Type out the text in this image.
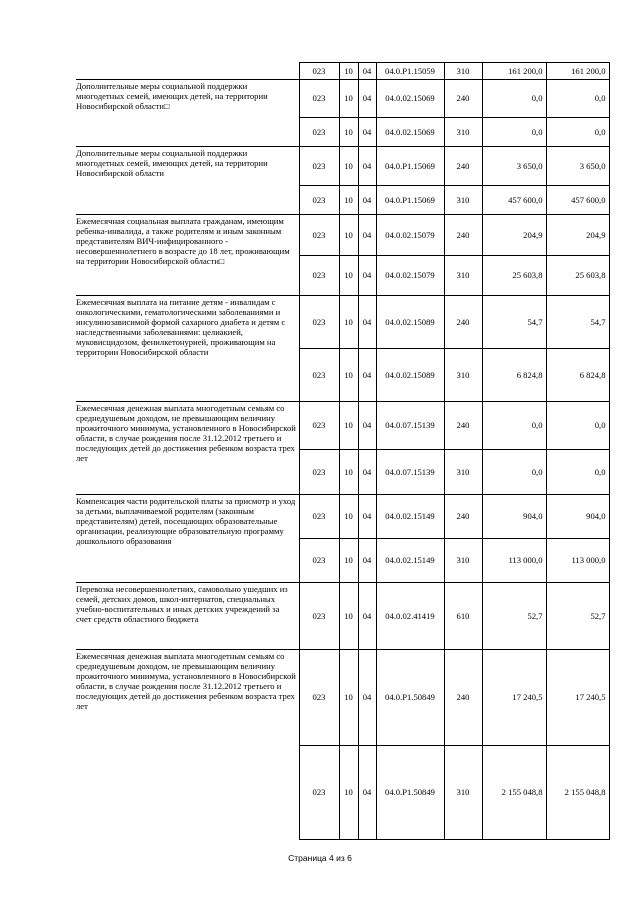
	023	10	04	04.0.P1.15059	310	161 200,0	161 200,0
Дополнительные меры социальной поддержки многодетных семей, имеющих детей, на территории Новосибирской области□	023	10	04	04.0.02.15069	240	0,0	0,0
	023	10	04	04.0.02.15069	310	0,0	0,0
Дополнительные меры социальной поддержки многодетных семей, имеющих детей, на территории Новосибирской области	023	10	04	04.0.P1.15069	240	3 650,0	3 650,0
	023	10	04	04.0.P1.15069	310	457 600,0	457 600,0
Ежемесячная социальная выплата гражданам, имеющим ребенка-инвалида, а также родителям и иным законным представителям ВИЧ-инфицированного - несовершеннолетнего в возрасте до 18 лет, проживающим на территории Новосибирской области□	023	10	04	04.0.02.15079	240	204,9	204,9
	023	10	04	04.0.02.15079	310	25 603,8	25 603,8
Ежемесячная выплата на питание детям - инвалидам с онкологическими, гематологическими заболеваниями и инсулинозависимой формой сахарного диабета и детям с наследственными заболеваниями: целиакией, муковисцидозом, фенилкетонурией, проживающим на территории Новосибирской области	023	10	04	04.0.02.15089	240	54,7	54,7
	023	10	04	04.0.02.15089	310	6 824,8	6 824,8
Ежемесячная денежная выплата многодетным семьям со среднедушевым доходом, не превышающим величину прожиточного минимума, установленного в Новосибирской области, в случае рождения после 31.12.2012 третьего и последующих детей до достижения ребенком возраста трех лет	023	10	04	04.0.07.15139	240	0,0	0,0
	023	10	04	04.0.07.15139	310	0,0	0,0
Компенсация части родительской платы за присмотр и уход за детьми, выплачиваемой родителям (законным представителям) детей, посещающих образовательные организации, реализующие образовательную программу дошкольного образования	023	10	04	04.0.02.15149	240	904,0	904,0
	023	10	04	04.0.02.15149	310	113 000,0	113 000,0
Перевозка несовершеннолетних, самовольно ушедших из семей, детских домов, школ-интернатов, специальных учебно-воспитательных и иных детских учреждений за счет средств областного бюджета	023	10	04	04.0.02.41419	610	52,7	52,7
Ежемесячная денежная выплата многодетным семьям со среднедушевым доходом, не превышающим величину прожиточного минимума, установленного в Новосибирской области, в случае рождения после 31.12.2012 третьего и последующих детей до достижения ребенком возраста трех лет	023	10	04	04.0.P1.50849	240	17 240,5	17 240,5
	023	10	04	04.0.P1.50849	310	2 155 048,8	2 155 048,8
Страница 4 из 6
